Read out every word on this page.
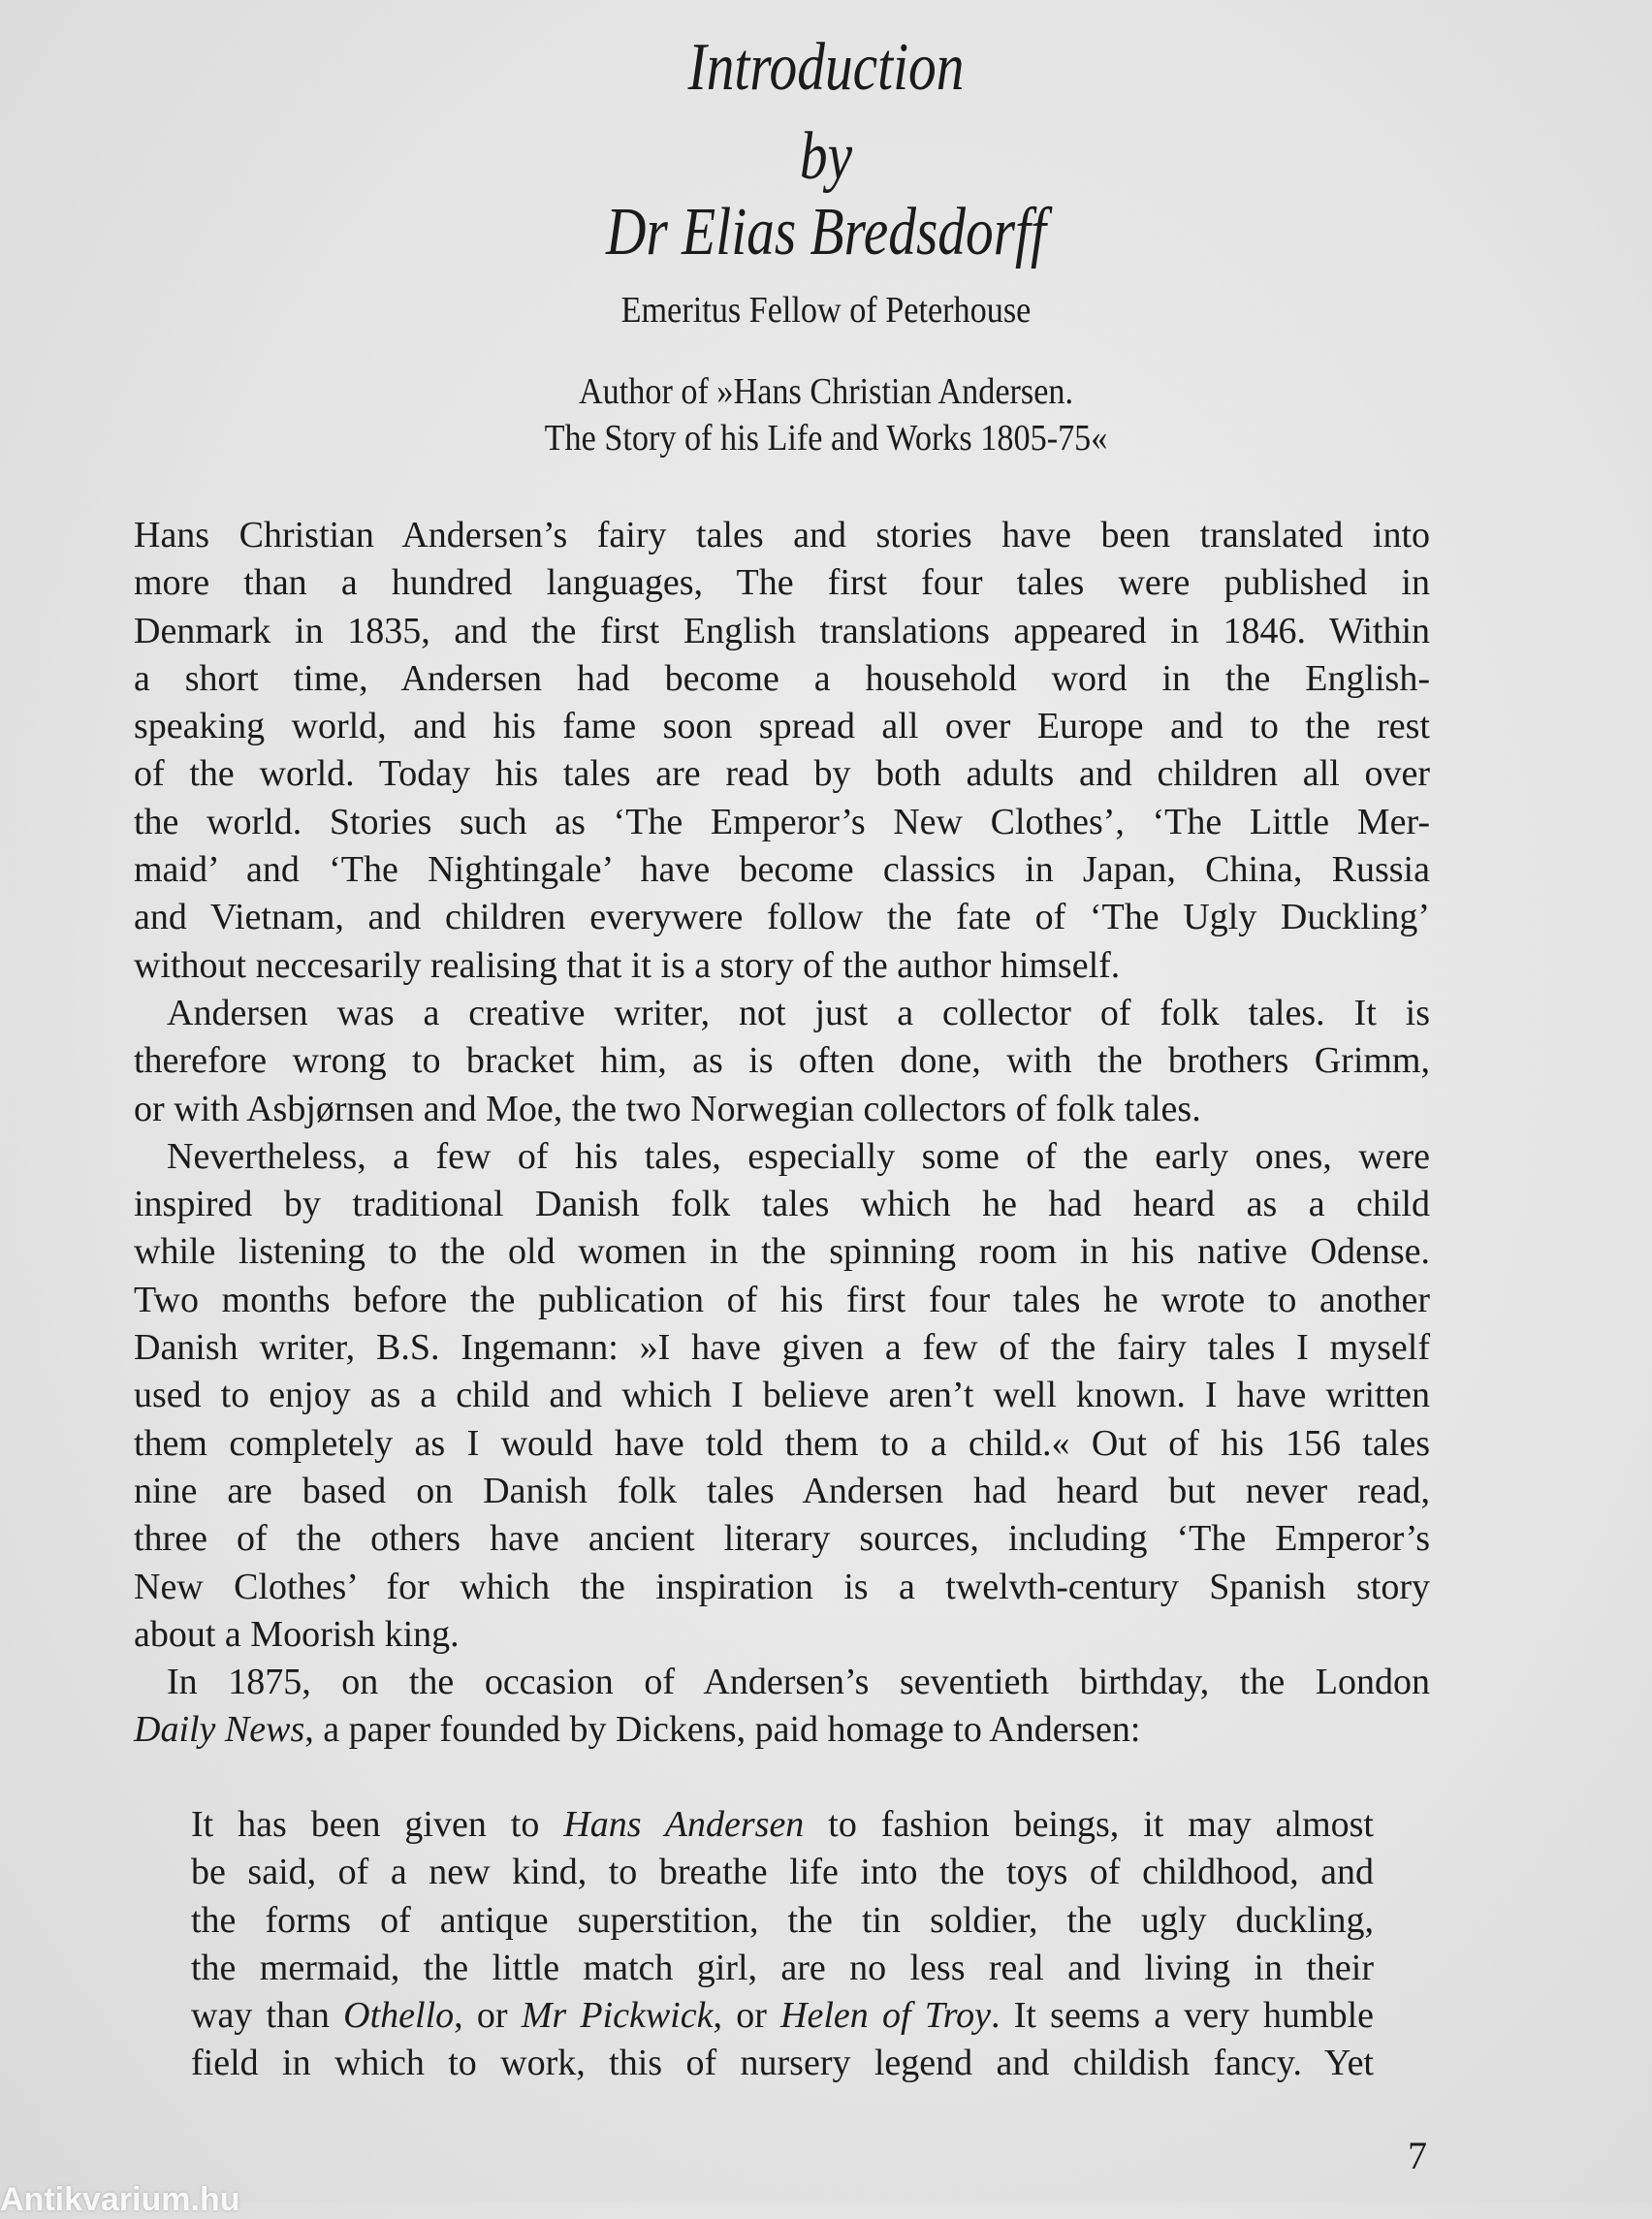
Introduction
by
Dr Elias Bredsdorff
Emeritus Fellow of Peterhouse
Author of »Hans Christian Andersen.
The Story of his Life and Works 1805-75«
Hans Christian Andersen’s fairy tales and stories have been translated into
more than a hundred languages, The first four tales were published in
Denmark in 1835, and the first English translations appeared in 1846. Within
a short time, Andersen had become a household word in the English-
speaking world, and his fame soon spread all over Europe and to the rest
of the world. Today his tales are read by both adults and children all over
the world. Stories such as ‘The Emperor’s New Clothes’, ‘The Little Mer-
maid’ and ‘The Nightingale’ have become classics in Japan, China, Russia
and Vietnam, and children everywere follow the fate of ‘The Ugly Duckling’
without neccesarily realising that it is a story of the author himself.
Andersen was a creative writer, not just a collector of folk tales. It is
therefore wrong to bracket him, as is often done, with the brothers Grimm,
or with Asbjørnsen and Moe, the two Norwegian collectors of folk tales.
Nevertheless, a few of his tales, especially some of the early ones, were
inspired by traditional Danish folk tales which he had heard as a child
while listening to the old women in the spinning room in his native Odense.
Two months before the publication of his first four tales he wrote to another
Danish writer, B.S. Ingemann: »I have given a few of the fairy tales I myself
used to enjoy as a child and which I believe aren’t well known. I have written
them completely as I would have told them to a child.« Out of his 156 tales
nine are based on Danish folk tales Andersen had heard but never read,
three of the others have ancient literary sources, including ‘The Emperor’s
New Clothes’ for which the inspiration is a twelvth-century Spanish story
about a Moorish king.
In 1875, on the occasion of Andersen’s seventieth birthday, the London
Daily News, a paper founded by Dickens, paid homage to Andersen:
It has been given to Hans Andersen to fashion beings, it may almost
be said, of a new kind, to breathe life into the toys of childhood, and
the forms of antique superstition, the tin soldier, the ugly duckling,
the mermaid, the little match girl, are no less real and living in their
way than Othello, or Mr Pickwick, or Helen of Troy. It seems a very humble
field in which to work, this of nursery legend and childish fancy. Yet
7
Antikvarium.hu
